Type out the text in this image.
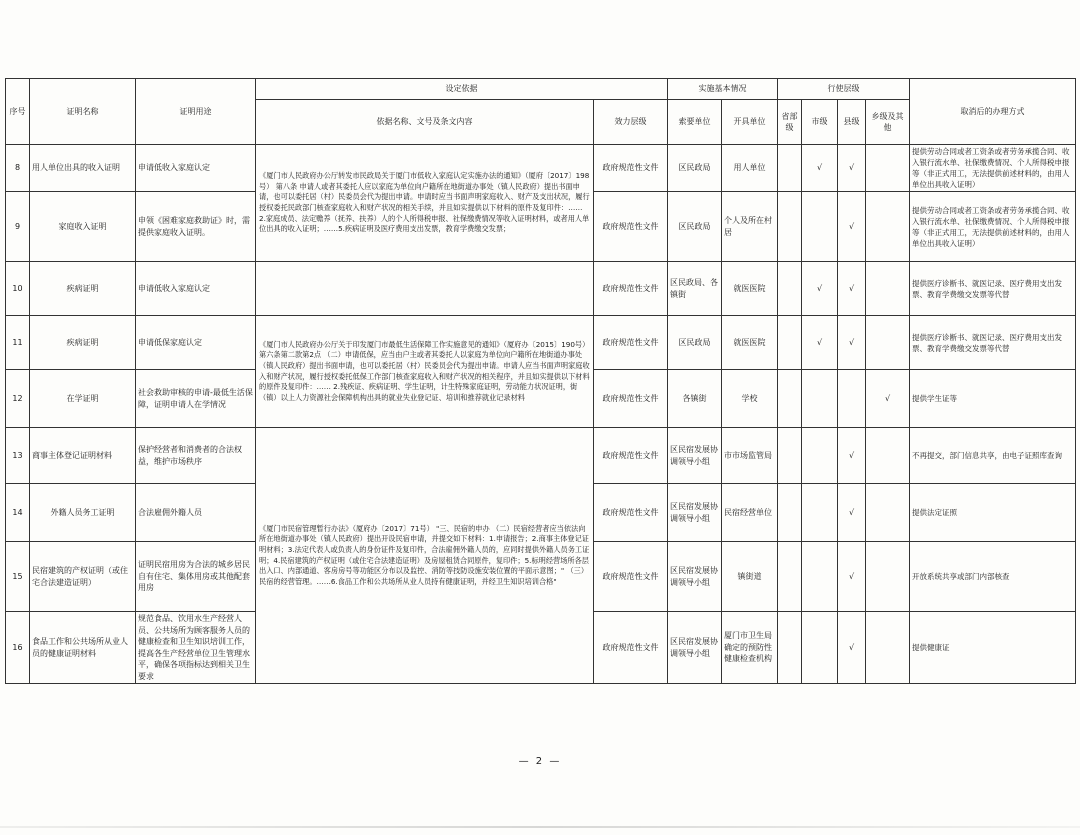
序号	证明名称	证明用途	设定依据		实施基本情况		行使层级				取消后的办理方式
			依据名称、文号及条文内容	效力层级	索要单位	开具单位	省部级	市级	县级	乡级及其他	
8	用人单位出具的收入证明	申请低收入家庭认定	《厦门市人民政府办公厅转发市民政局关于厦门市低收入家庭认定实施办法的通知》（厦府〔2017〕198号） 第八条 申请人或者其委托人应以家庭为单位向户籍所在地街道办事处（镇人民政府）提出书面申请，也可以委托居（村）民委员会代为提出申请。申请时应当书面声明家庭收入、财产及支出状况，履行授权委托民政部门核查家庭收入和财产状况的相关手续，并且如实提供以下材料的原件及复印件：…… 2.家庭成员、法定赡养（抚养、扶养）人的个人所得税申报、社保缴费情况等收入证明材料，或者用人单位出具的收入证明；……5.疾病证明及医疗费用支出发票，教育学费缴交发票；	政府规范性文件	区民政局	用人单位		√	√		提供劳动合同或者工资条或者劳务承揽合同、收入银行流水单、社保缴费情况、个人所得税申报等（非正式用工，无法提供前述材料的，由用人单位出具收入证明）
9	家庭收入证明	申领《困难家庭救助证》时，需提供家庭收入证明。		政府规范性文件	区民政局	个人及所在村居			√		提供劳动合同或者工资条或者劳务承揽合同、收入银行流水单、社保缴费情况、个人所得税申报等（非正式用工，无法提供前述材料的，由用人单位出具收入证明）
10	疾病证明	申请低收入家庭认定		政府规范性文件	区民政局、各镇街	就医医院		√	√		提供医疗诊断书、就医记录、医疗费用支出发票、教育学费缴交发票等代替
11	疾病证明	申请低保家庭认定	《厦门市人民政府办公厅关于印发厦门市最低生活保障工作实施意见的通知》（厦府办〔2015〕190号）第六条第二款第2点 （二）申请低保，应当由户主或者其委托人以家庭为单位向户籍所在地街道办事处（镇人民政府）提出书面申请，也可以委托居（村）民委员会代为提出申请。申请人应当书面声明家庭收入和财产状况，履行授权委托低保工作部门核查家庭收入和财产状况的相关程序，并且如实提供以下材料的原件及复印件：…… 2.残疾证、疾病证明、学生证明，计生特殊家庭证明，劳动能力状况证明，街（镇）以上人力资源社会保障机构出具的就业失业登记证、培训和推荐就业记录材料	政府规范性文件	区民政局	就医医院		√	√		提供医疗诊断书、就医记录、医疗费用支出发票、教育学费缴交发票等代替
12	在学证明	社会救助审核的申请-最低生活保障，证明申请人在学情况		政府规范性文件	各镇街	学校				√	提供学生证等
13	商事主体登记证明材料	保护经营者和消费者的合法权益，维护市场秩序	《厦门市民宿管理暂行办法》（厦府办〔2017〕71号） "三、民宿的申办 （二）民宿经营者应当依法向所在地街道办事处（镇人民政府）提出开设民宿申请，并提交如下材料：1.申请报告；2.商事主体登记证明材料；3.法定代表人或负责人的身份证件及复印件，合法雇佣外籍人员的，应同时提供外籍人员务工证明；4.民宿建筑的产权证明（或住宅合法建造证明）及房屋租赁合同原件，复印件；5.标明经营场所各层出入口、内部通道、客房房号等功能区分布以及监控、消防等技防设施安装位置的平面示意图；" （三）民宿的经营管理。……6.食品工作和公共场所从业人员持有健康证明，并经卫生知识培训合格"	政府规范性文件	区民宿发展协调领导小组	市市场监管局			√		不再提交，部门信息共享，由电子证照库查询
14	外籍人员务工证明	合法雇佣外籍人员		政府规范性文件	区民宿发展协调领导小组	民宿经营单位			√		提供法定证照
15	民宿建筑的产权证明（或住宅合法建造证明）	证明民宿用房为合法的城乡居民自有住宅、集体用房或其他配套用房		政府规范性文件	区民宿发展协调领导小组	镇街道			√		开放系统共享或部门内部核查
16	食品工作和公共场所从业人员的健康证明材料	规范食品、饮用水生产经营人员、公共场所为顾客服务人员的健康检查和卫生知识培训工作，提高各生产经营单位卫生管理水平，确保各项指标达到相关卫生要求		政府规范性文件	区民宿发展协调领导小组	厦门市卫生局确定的预防性健康检查机构			√		提供健康证
— 2 —
